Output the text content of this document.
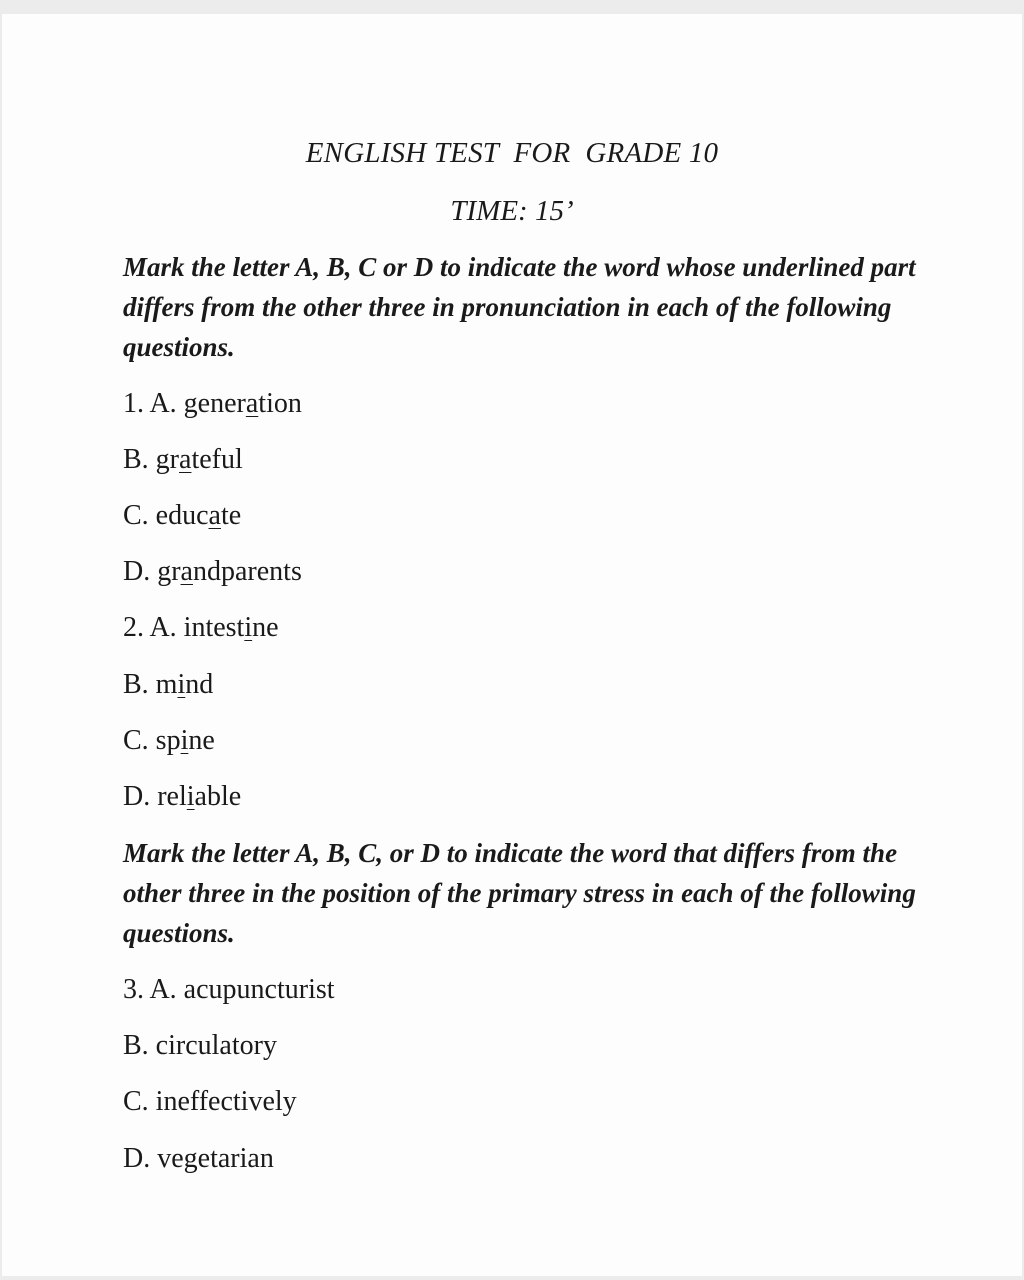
ENGLISH TEST  FOR  GRADE 10
TIME: 15’
Mark the letter A, B, C or D to indicate the word whose underlined part differs from the other three in pronunciation in each of the following questions.
1. A. generation
B. grateful
C. educate
D. grandparents
2. A. intestine
B. mind
C. spine
D. reliable
Mark the letter A, B, C, or D to indicate the word that differs from the other three in the position of the primary stress in each of the following questions.
3. A. acupuncturist
B. circulatory
C. ineffectively
D. vegetarian
